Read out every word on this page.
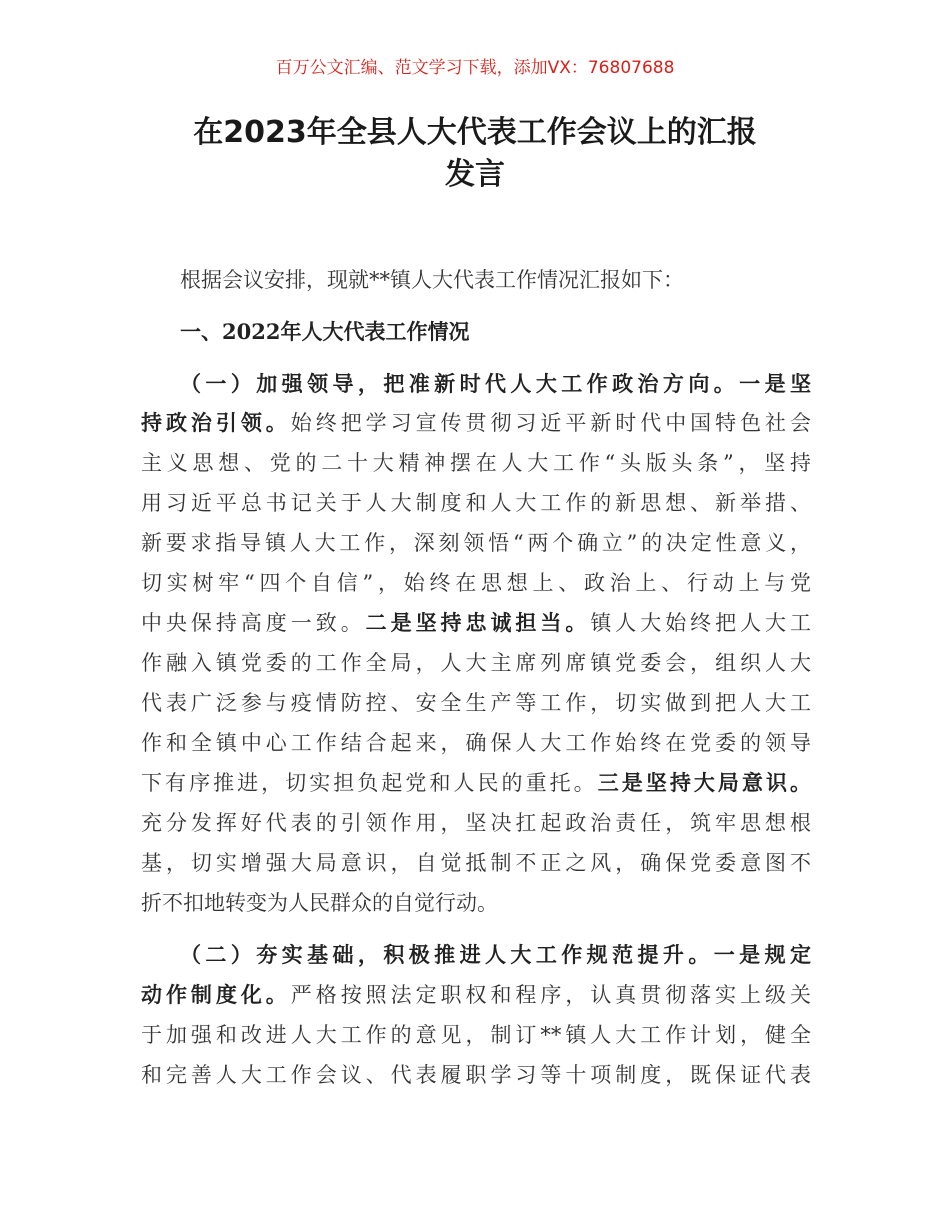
百万公文汇编、范文学习下载，添加VX：76807688
在2023年全县人大代表工作会议上的汇报
发言
根据会议安排，现就**镇人大代表工作情况汇报如下：
一、2022年人大代表工作情况
（一）加强领导，把准新时代人大工作政治方向。一是坚
持政治引领。始终把学习宣传贯彻习近平新时代中国特色社会
主义思想、党的二十大精神摆在人大工作“头版头条”，坚持
用习近平总书记关于人大制度和人大工作的新思想、新举措、
新要求指导镇人大工作，深刻领悟“两个确立”的决定性意义，
切实树牢“四个自信”，始终在思想上、政治上、行动上与党
中央保持高度一致。二是坚持忠诚担当。镇人大始终把人大工
作融入镇党委的工作全局，人大主席列席镇党委会，组织人大
代表广泛参与疫情防控、安全生产等工作，切实做到把人大工
作和全镇中心工作结合起来，确保人大工作始终在党委的领导
下有序推进，切实担负起党和人民的重托。三是坚持大局意识。
充分发挥好代表的引领作用，坚决扛起政治责任，筑牢思想根
基，切实增强大局意识，自觉抵制不正之风，确保党委意图不
折不扣地转变为人民群众的自觉行动。
（二）夯实基础，积极推进人大工作规范提升。一是规定
动作制度化。严格按照法定职权和程序，认真贯彻落实上级关
于加强和改进人大工作的意见，制订**镇人大工作计划，健全
和完善人大工作会议、代表履职学习等十项制度，既保证代表
